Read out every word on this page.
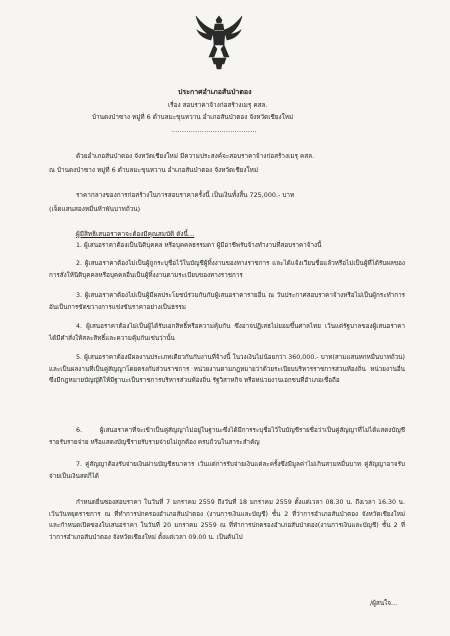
ประกาศอำเภอสันป่าตอง
เรื่อง สอบราคาจ้างก่อสร้างเมรุ คสล.
บ้านดงป่าซาง หมู่ที่ 6 ตำบลมะขุนหวาน อำเภอสันป่าตอง จังหวัดเชียงใหม่
…………………………………
ด้วยอำเภอสันป่าตอง จังหวัดเชียงใหม่ มีความประสงค์จะสอบราคาจ้างก่อสร้างเมรุ คสล.
ณ บ้านดงป่าซาง หมู่ที่ 6 ตำบลมะขุนหวาน อำเภอสันป่าตอง จังหวัดเชียงใหม่
ราคากลางของการก่อสร้างในการสอบราคาครั้งนี้ เป็นเงินทั้งสิ้น 725,000.- บาท
(เจ็ดแสนสองหมื่นห้าพันบาทถ้วน)
ผู้มีสิทธิเสนอราคาจะต้องมีคุณสมบัติ ดังนี้…
1. ผู้เสนอราคาต้องเป็นนิติบุคคล หรือบุคคลธรรมดา ผู้มีอาชีพรับจ้างทำงานที่สอบราคาจ้างนี้
2. ผู้เสนอราคาต้องไม่เป็นผู้ถูกระบุชื่อไว้ในบัญชีผู้ทิ้งงานของทางราชการ และได้แจ้งเวียนชื่อแล้วหรือไม่เป็นผู้ที่ได้รับผลของการสั่งให้นิติบุคคลหรือบุคคลอื่นเป็นผู้ทิ้งงานตามระเบียบของทางราชการ
3. ผู้เสนอราคาต้องไม่เป็นผู้มีผลประโยชน์ร่วมกันกับผู้เสนอราคารายอื่น ณ วันประกาศสอบราคาจ้างหรือไม่เป็นผู้กระทำการอันเป็นการขัดขวางการแข่งขันราคาอย่างเป็นธรรม
4. ผู้เสนอราคาต้องไม่เป็นผู้ได้รับเอกสิทธิ์หรือความคุ้มกัน ซึ่งอาจปฏิเสธไม่ยอมขึ้นศาลไทย เว้นแต่รัฐบาลของผู้เสนอราคาได้มีคำสั่งให้สละสิทธิ์และความคุ้มกันเช่นว่านั้น
5. ผู้เสนอราคาต้องมีผลงานประเภทเดียวกันกับงานที่จ้างนี้ ในวงเงินไม่น้อยกว่า 360,000.- บาท(สามแสนหกหมื่นบาทถ้วน) และเป็นผลงานที่เป็นคู่สัญญาโดยตรงกับส่วนราชการ หน่วยงานตามกฎหมายว่าด้วยระเบียบบริหารราชการส่วนท้องถิ่น หน่วยงานอื่นซึ่งมีกฎหมายบัญญัติให้มีฐานะเป็นราชการบริหารส่วนท้องถิ่น รัฐวิสาหกิจ หรือหน่วยงานเอกชนที่อำเภอเชื่อถือ
6. ผู้เสนอราคาที่จะเข้าเป็นคู่สัญญาไม่อยู่ในฐานะซึ่งได้มีการระบุชื่อไว้ในบัญชีรายชื่อว่าเป็นคู่สัญญาที่ไม่ได้แสดงบัญชีรายรับรายจ่าย หรือแสดงบัญชีรายรับรายจ่ายไม่ถูกต้อง ครบถ้วนในสาระสำคัญ
7. คู่สัญญาต้องรับจ่ายเงินผ่านบัญชีธนาคาร เว้นแต่การรับจ่ายเงินแต่ละครั้งซึ่งมีมูลค่าไม่เกินสามหมื่นบาท คู่สัญญาอาจรับจ่ายเป็นเงินสดก็ได้
กำหนดยื่นซองสอบราคา ในวันที่ 7 มกราคม 2559 ถึงวันที่ 18 มกราคม 2559 ตั้งแต่เวลา 08.30 น. ถึงเวลา 16.30 น. เว้นวันหยุดราชการ ณ ที่ทำการปกครองอำเภอสันป่าตอง (งานการเงินและบัญชี) ชั้น 2 ที่ว่าการอำเภอสันป่าตอง จังหวัดเชียงใหม่ และกำหนดเปิดซองใบเสนอราคา ในวันที่ 20 มกราคม 2559 ณ ที่ทำการปกครองอำเภอสันป่าตอง(งานการเงินและบัญชี) ชั้น 2 ที่ว่าการอำเภอสันป่าตอง จังหวัดเชียงใหม่ ตั้งแต่เวลา 09.00 น. เป็นต้นไป
/ผู้สนใจ...
